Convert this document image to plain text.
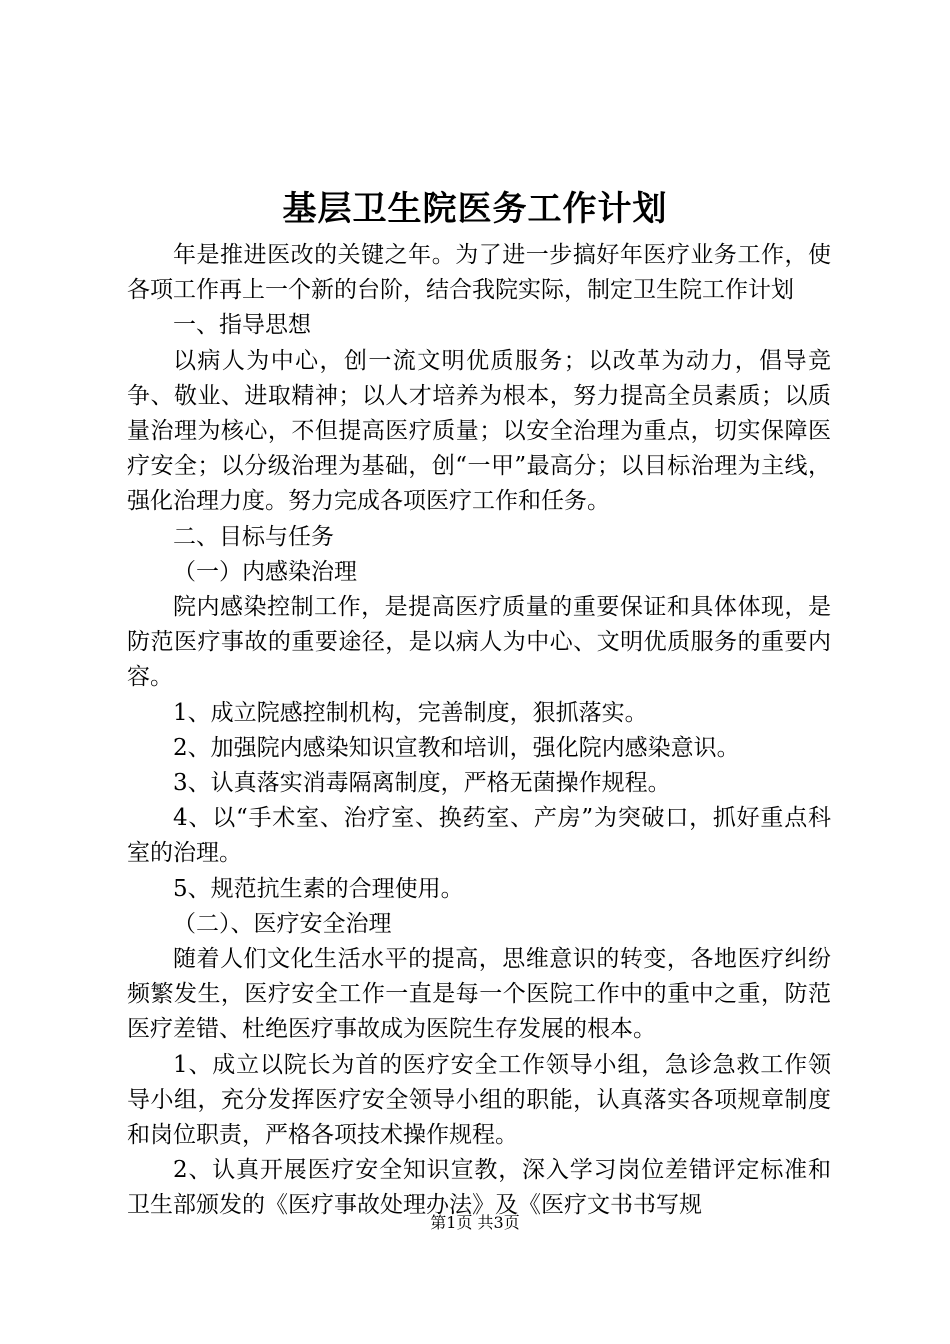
基层卫生院医务工作计划

年是推进医改的关键之年。为了进一步搞好年医疗业务工作，使各项工作再上一个新的台阶，结合我院实际，制定卫生院工作计划

一、指导思想

以病人为中心，创一流文明优质服务；以改革为动力，倡导竞争、敬业、进取精神；以人才培养为根本，努力提高全员素质；以质量治理为核心，不但提高医疗质量；以安全治理为重点，切实保障医疗安全；以分级治理为基础，创“一甲”最高分；以目标治理为主线，强化治理力度。努力完成各项医疗工作和任务。

二、目标与任务

（一）内感染治理

院内感染控制工作，是提高医疗质量的重要保证和具体体现，是防范医疗事故的重要途径，是以病人为中心、文明优质服务的重要内容。

1、成立院感控制机构，完善制度，狠抓落实。

2、加强院内感染知识宣教和培训，强化院内感染意识。

3、认真落实消毒隔离制度，严格无菌操作规程。

4、以“手术室、治疗室、换药室、产房”为突破口，抓好重点科室的治理。

5、规范抗生素的合理使用。

（二）、医疗安全治理

随着人们文化生活水平的提高，思维意识的转变，各地医疗纠纷频繁发生，医疗安全工作一直是每一个医院工作中的重中之重，防范医疗差错、杜绝医疗事故成为医院生存发展的根本。

1、成立以院长为首的医疗安全工作领导小组，急诊急救工作领导小组，充分发挥医疗安全领导小组的职能，认真落实各项规章制度和岗位职责，严格各项技术操作规程。

2、认真开展医疗安全知识宣教，深入学习岗位差错评定标准和卫生部颁发的《医疗事故处理办法》及《医疗文书书写规

第1页 共3页
